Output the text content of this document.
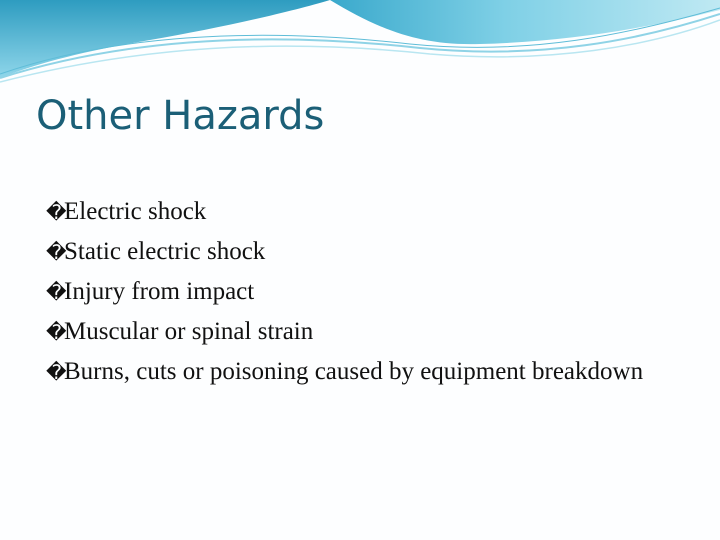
Other Hazards
�
Electric shock
�
Static electric shock
�
Injury from impact
�
Muscular or spinal strain
�
Burns, cuts or poisoning caused by equipment breakdown
